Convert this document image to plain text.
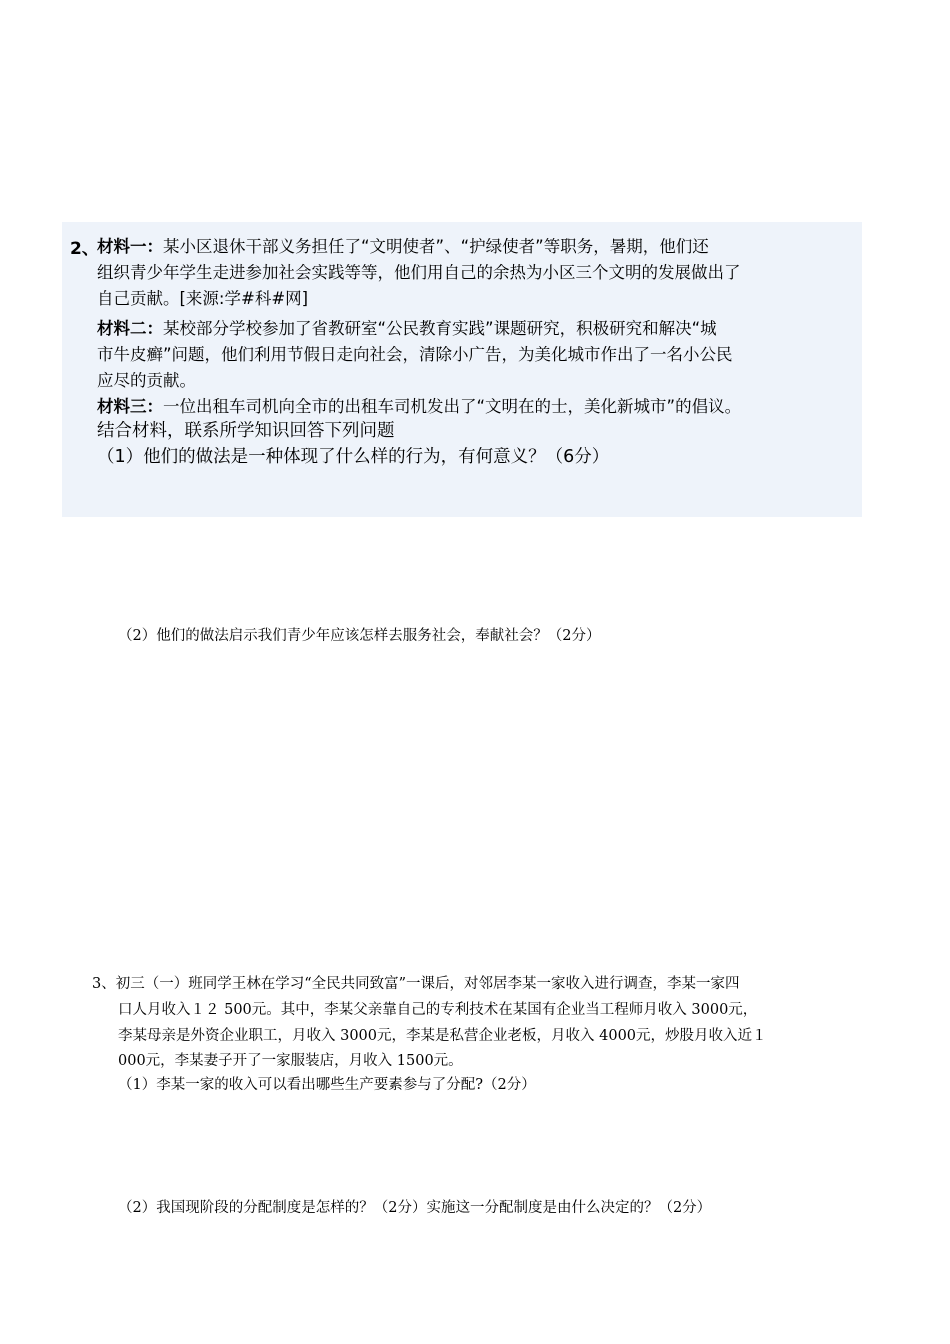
2、
材料一：某小区退休干部义务担任了“文明使者”、“护绿使者”等职务，暑期，他们还
组织青少年学生走进参加社会实践等等，他们用自己的余热为小区三个文明的发展做出了
自己贡献。[来源:学#科#网]
材料二：某校部分学校参加了省教研室“公民教育实践”课题研究，积极研究和解决“城
市牛皮癣”问题，他们利用节假日走向社会，清除小广告，为美化城市作出了一名小公民
应尽的贡献。
材料三：一位出租车司机向全市的出租车司机发出了“文明在的士，美化新城市”的倡议。
结合材料，联系所学知识回答下列问题
（1）他们的做法是一种体现了什么样的行为，有何意义？（6分）
（2）他们的做法启示我们青少年应该怎样去服务社会，奉献社会？（2分）
3、初三（一）班同学王林在学习“全民共同致富”一课后，对邻居李某一家收入进行调查，李某一家四
口人月收入１２ 500元。其中，李某父亲靠自己的专利技术在某国有企业当工程师月收入 3000元，
李某母亲是外资企业职工，月收入 3000元，李某是私营企业老板，月收入 4000元，炒股月收入近１
000元，李某妻子开了一家服装店，月收入 1500元。
（1）李某一家的收入可以看出哪些生产要素参与了分配?（2分）
（2）我国现阶段的分配制度是怎样的？（2分）实施这一分配制度是由什么决定的？（2分）
